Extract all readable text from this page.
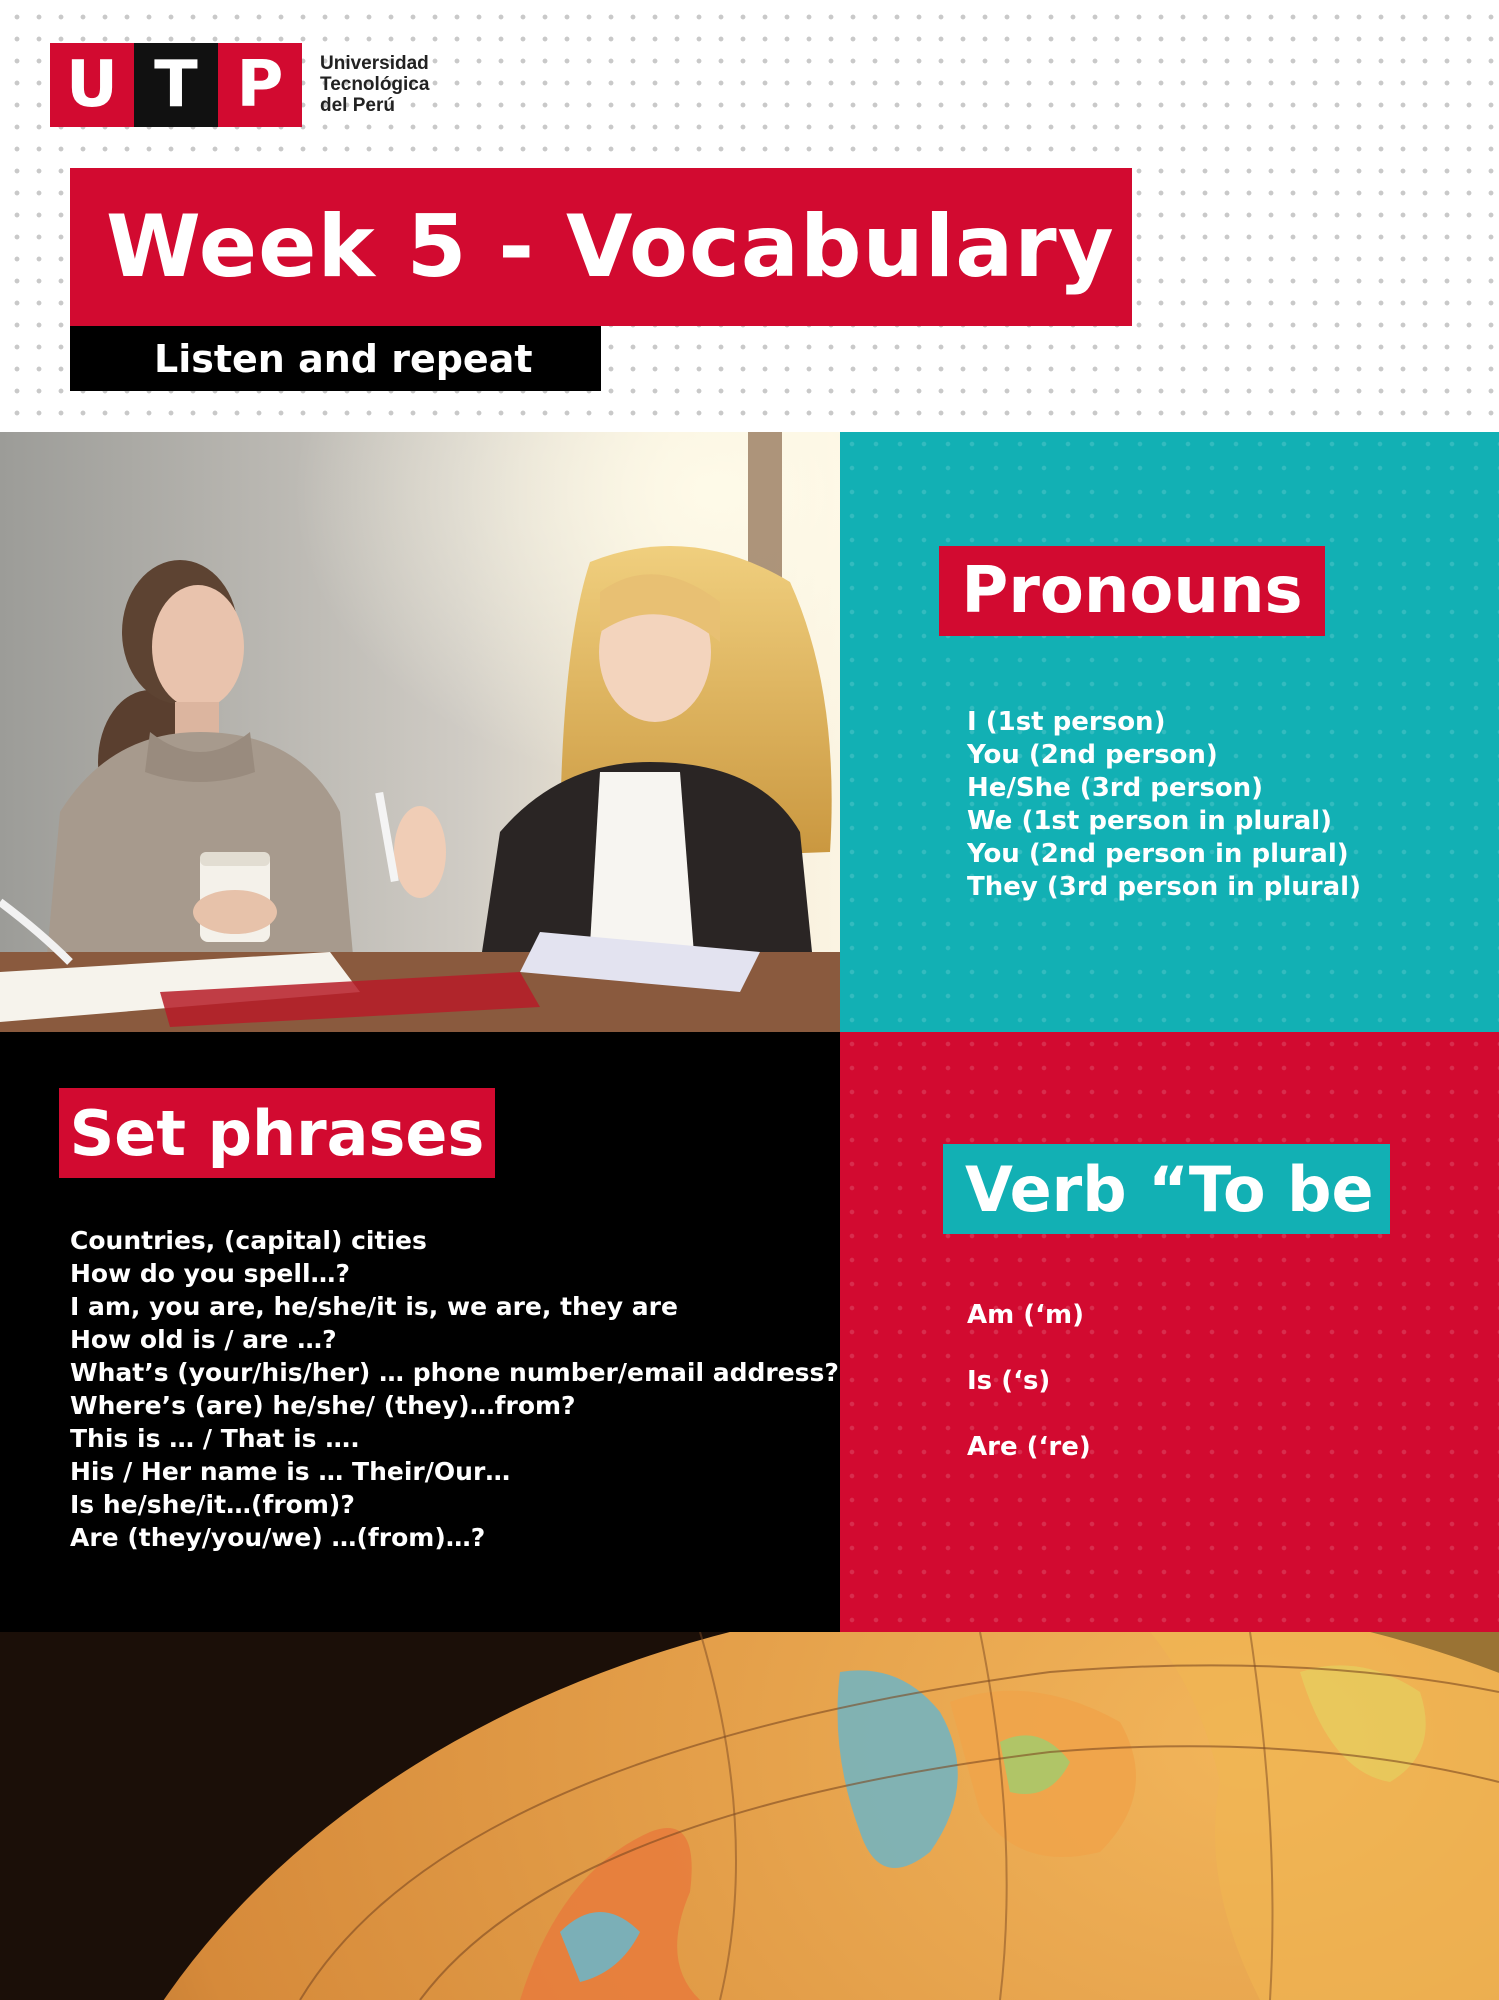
U T P	Universidad
Tecnológica
del Perú
Week 5 - Vocabulary
Listen and repeat
Pronouns
I (1st person)
You (2nd person)
He/She (3rd person)
We (1st person in plural)
You (2nd person in plural)
They (3rd person in plural)
Set phrases
Countries, (capital) cities
How do you spell…?
I am, you are, he/she/it is, we are, they are
How old is / are …?
What’s (your/his/her) … phone number/email address?
Where’s (are) he/she/ (they)…from?
This is … / That is ….
His / Her name is … Their/Our…
Is he/she/it…(from)?
Are (they/you/we) …(from)…?
Verb “To be
Am (‘m)
Is (‘s)
Are (‘re)
